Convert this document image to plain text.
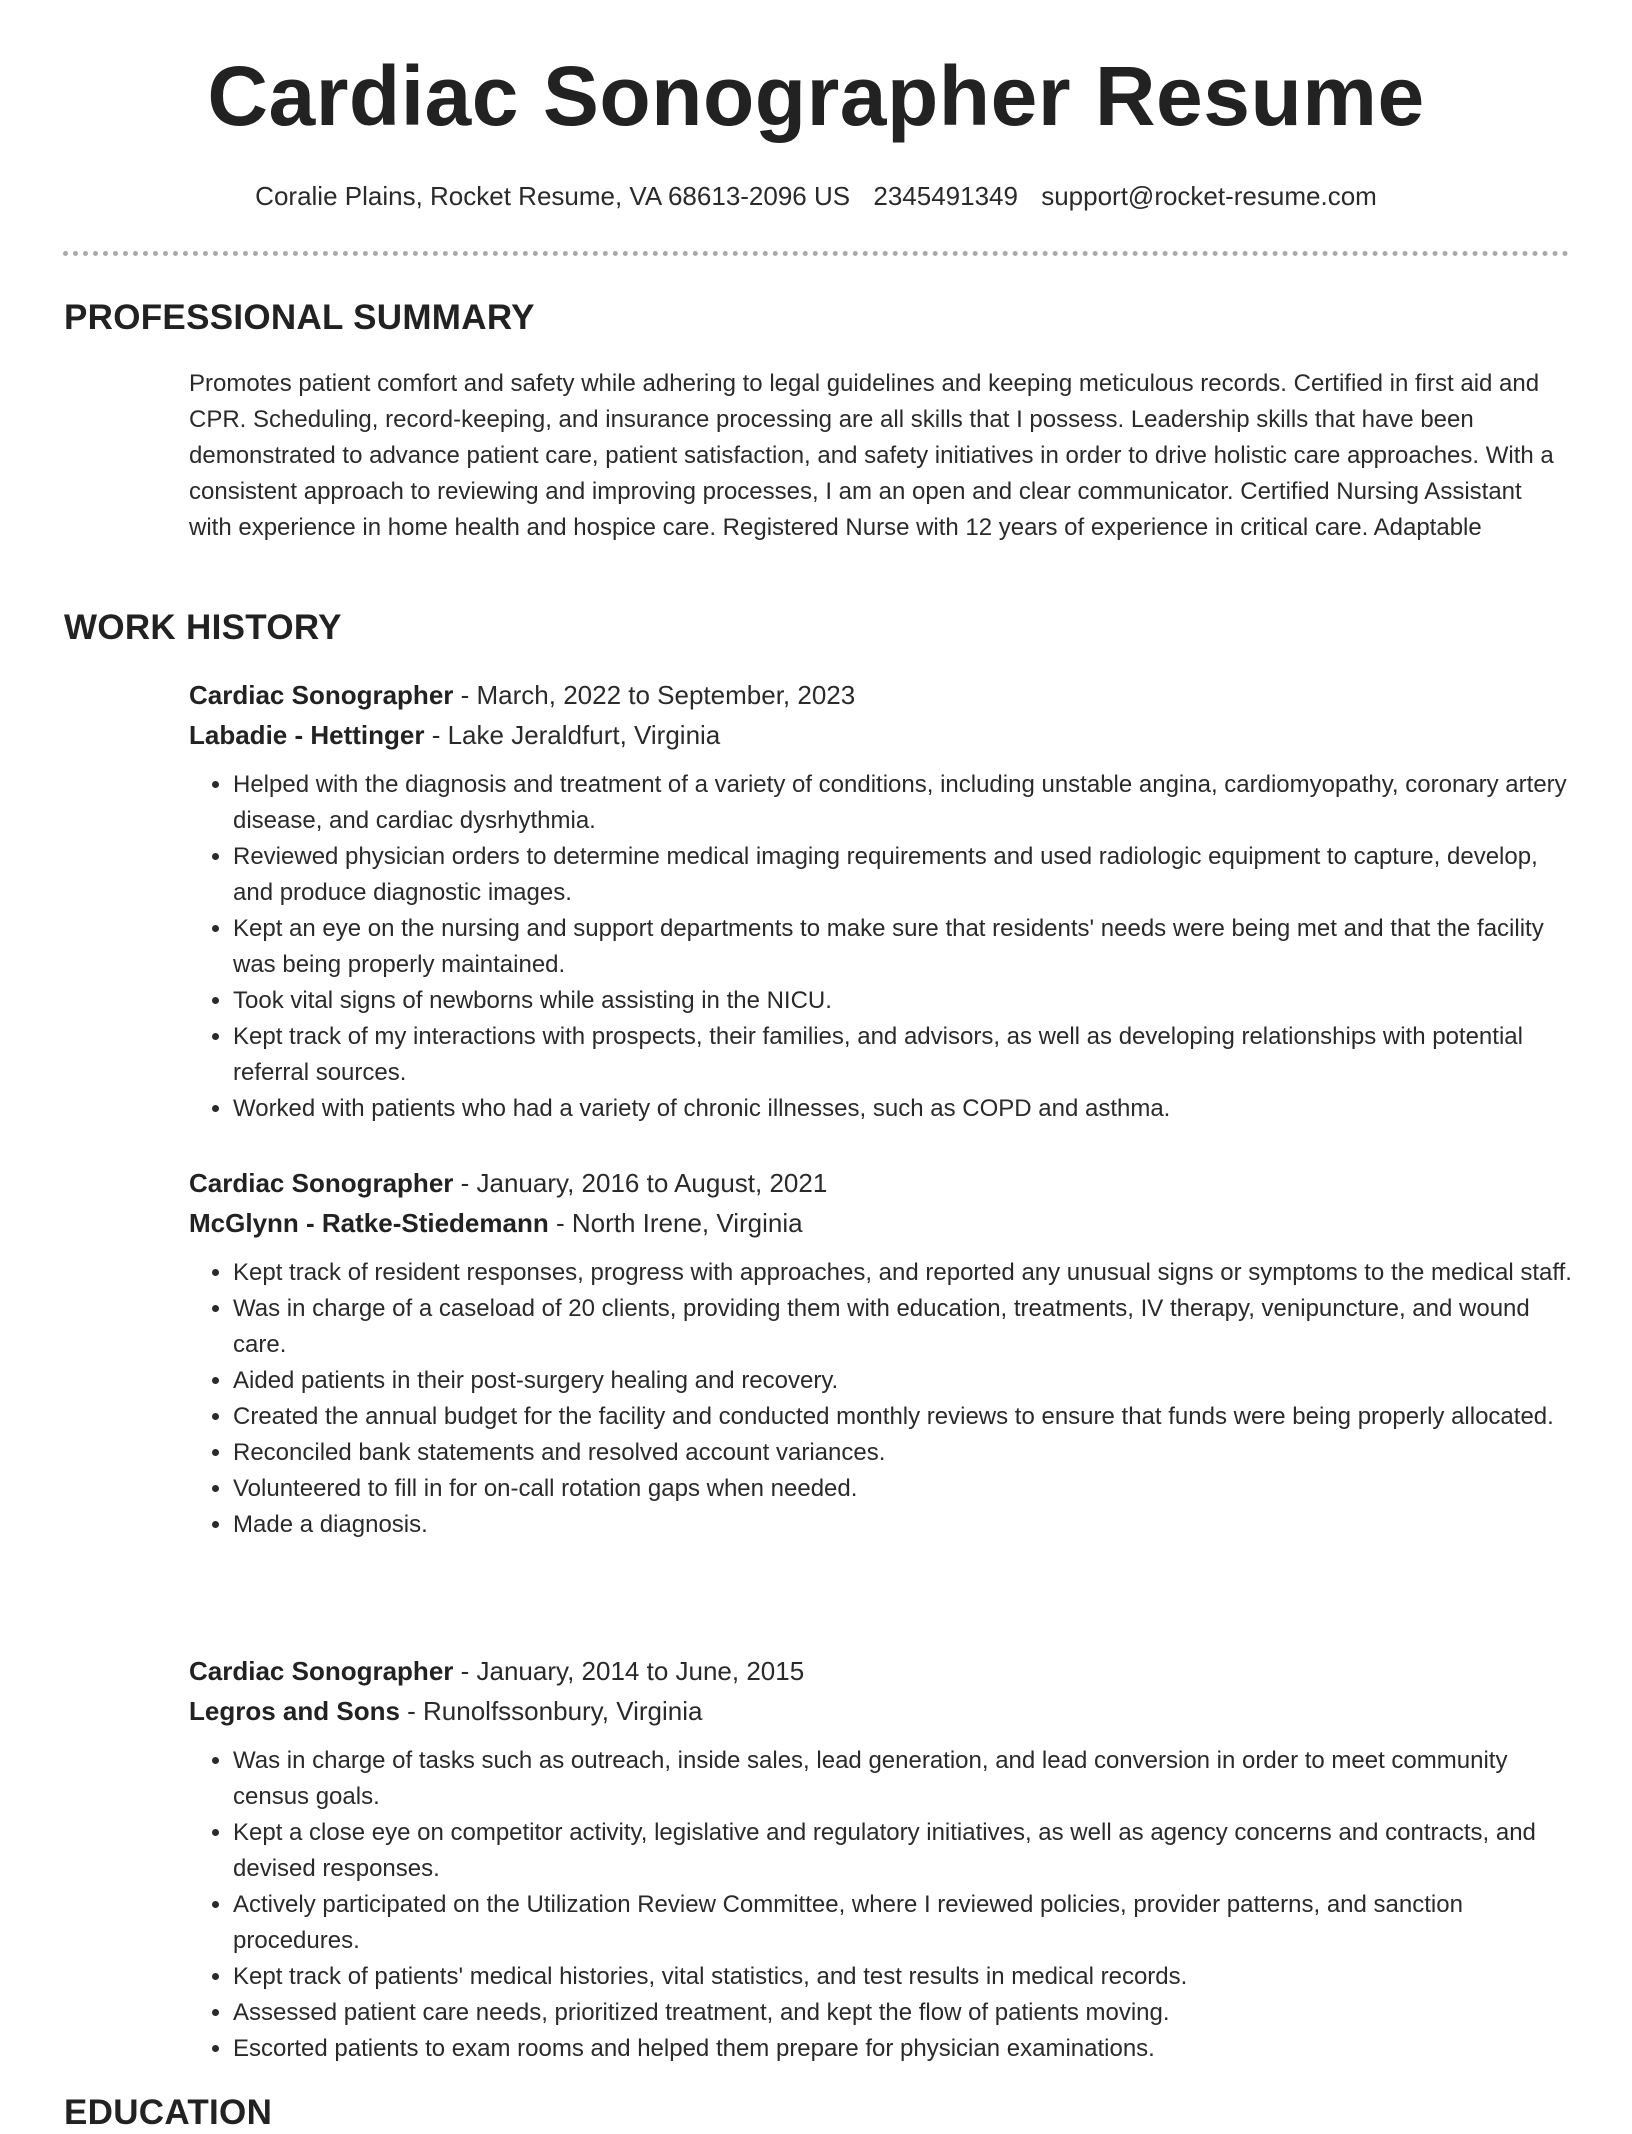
Cardiac Sonographer Resume
Coralie Plains, Rocket Resume, VA 68613-2096 US 2345491349 support@rocket-resume.com
PROFESSIONAL SUMMARY

Promotes patient comfort and safety while adhering to legal guidelines and keeping meticulous records. Certified in first aid and CPR. Scheduling, record-keeping, and insurance processing are all skills that I possess. Leadership skills that have been demonstrated to advance patient care, patient satisfaction, and safety initiatives in order to drive holistic care approaches. With a consistent approach to reviewing and improving processes, I am an open and clear communicator. Certified Nursing Assistant with experience in home health and hospice care. Registered Nurse with 12 years of experience in critical care. Adaptable

WORK HISTORY
Cardiac Sonographer - March, 2022 to September, 2023
Labadie - Hettinger - Lake Jeraldfurt, Virginia
• Helped with the diagnosis and treatment of a variety of conditions, including unstable angina, cardiomyopathy, coronary artery disease, and cardiac dysrhythmia.
• Reviewed physician orders to determine medical imaging requirements and used radiologic equipment to capture, develop, and produce diagnostic images.
• Kept an eye on the nursing and support departments to make sure that residents' needs were being met and that the facility was being properly maintained.
• Took vital signs of newborns while assisting in the NICU.
• Kept track of my interactions with prospects, their families, and advisors, as well as developing relationships with potential referral sources.
• Worked with patients who had a variety of chronic illnesses, such as COPD and asthma.
Cardiac Sonographer - January, 2016 to August, 2021
McGlynn - Ratke-Stiedemann - North Irene, Virginia
• Kept track of resident responses, progress with approaches, and reported any unusual signs or symptoms to the medical staff.
• Was in charge of a caseload of 20 clients, providing them with education, treatments, IV therapy, venipuncture, and wound care.
• Aided patients in their post-surgery healing and recovery.
• Created the annual budget for the facility and conducted monthly reviews to ensure that funds were being properly allocated.
• Reconciled bank statements and resolved account variances.
• Volunteered to fill in for on-call rotation gaps when needed.
• Made a diagnosis.
Cardiac Sonographer - January, 2014 to June, 2015
Legros and Sons - Runolfssonbury, Virginia
• Was in charge of tasks such as outreach, inside sales, lead generation, and lead conversion in order to meet community census goals.
• Kept a close eye on competitor activity, legislative and regulatory initiatives, as well as agency concerns and contracts, and devised responses.
• Actively participated on the Utilization Review Committee, where I reviewed policies, provider patterns, and sanction procedures.
• Kept track of patients' medical histories, vital statistics, and test results in medical records.
• Assessed patient care needs, prioritized treatment, and kept the flow of patients moving.
• Escorted patients to exam rooms and helped them prepare for physician examinations.
EDUCATION
